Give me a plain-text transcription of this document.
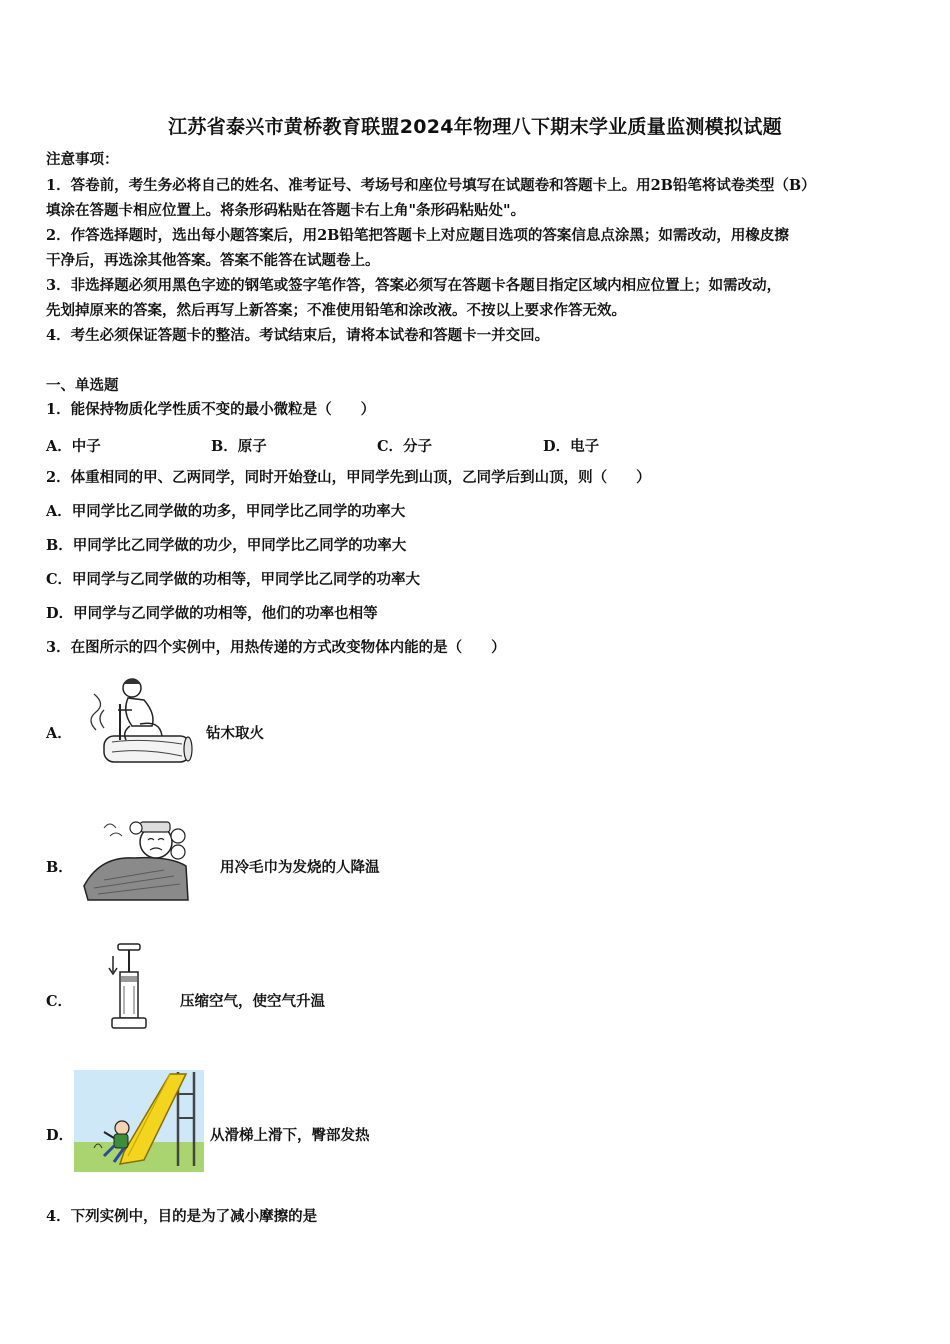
江苏省泰兴市黄桥教育联盟2024年物理八下期末学业质量监测模拟试题
注意事项：
1．答卷前，考生务必将自己的姓名、准考证号、考场号和座位号填写在试题卷和答题卡上。用2B铅笔将试卷类型（B）
填涂在答题卡相应位置上。将条形码粘贴在答题卡右上角"条形码粘贴处"。
2．作答选择题时，选出每小题答案后，用2B铅笔把答题卡上对应题目选项的答案信息点涂黑；如需改动，用橡皮擦
干净后，再选涂其他答案。答案不能答在试题卷上。
3．非选择题必须用黑色字迹的钢笔或签字笔作答，答案必须写在答题卡各题目指定区域内相应位置上；如需改动，
先划掉原来的答案，然后再写上新答案；不准使用铅笔和涂改液。不按以上要求作答无效。
4．考生必须保证答题卡的整洁。考试结束后，请将本试卷和答题卡一并交回。
一、单选题
1．能保持物质化学性质不变的最小微粒是（　　）
A．中子	B．原子	C．分子	D．电子
2．体重相同的甲、乙两同学，同时开始登山，甲同学先到山顶，乙同学后到山顶，则（　　）
A．甲同学比乙同学做的功多，甲同学比乙同学的功率大
B．甲同学比乙同学做的功少，甲同学比乙同学的功率大
C．甲同学与乙同学做的功相等，甲同学比乙同学的功率大
D．甲同学与乙同学做的功相等，他们的功率也相等
3．在图所示的四个实例中，用热传递的方式改变物体内能的是（　　）
A．	钻木取火
B．	用冷毛巾为发烧的人降温
C．	压缩空气，使空气升温
D．	从滑梯上滑下，臀部发热
4．下列实例中，目的是为了减小摩擦的是
